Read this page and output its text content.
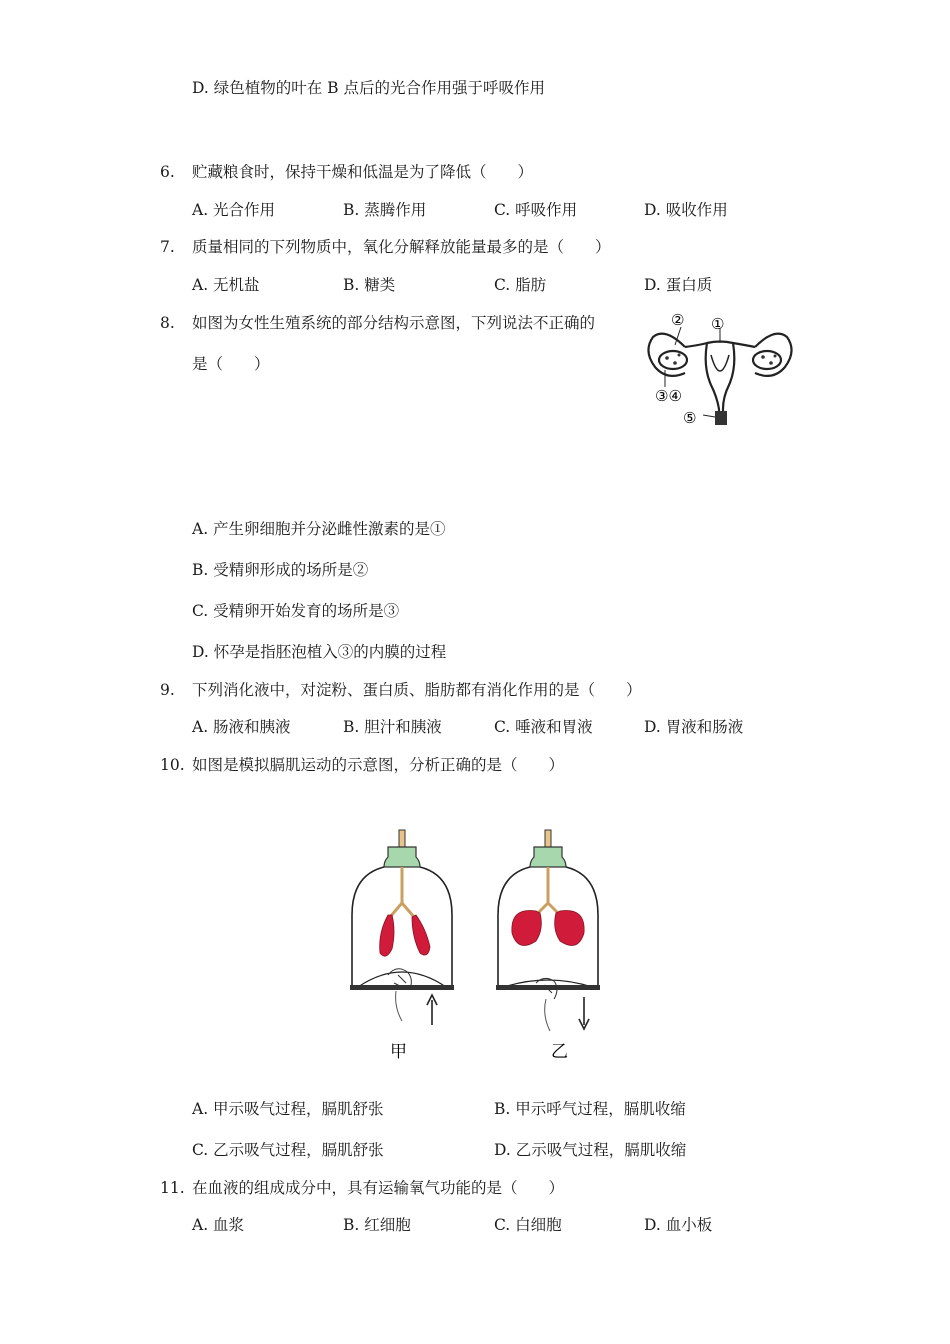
D. 绿色植物的叶在 B 点后的光合作用强于呼吸作用
6. 贮藏粮食时，保持干燥和低温是为了降低（　　）
A. 光合作用	B. 蒸腾作用	C. 呼吸作用	D. 吸收作用
7. 质量相同的下列物质中，氧化分解释放能量最多的是（　　）
A. 无机盐	B. 糖类	C. 脂肪	D. 蛋白质
8. 如图为女性生殖系统的部分结构示意图，下列说法不正确的
是（　　）
①
②
③④
⑤
A. 产生卵细胞并分泌雌性激素的是①
B. 受精卵形成的场所是②
C. 受精卵开始发育的场所是③
D. 怀孕是指胚泡植入③的内膜的过程
9. 下列消化液中，对淀粉、蛋白质、脂肪都有消化作用的是（　　）
A. 肠液和胰液	B. 胆汁和胰液	C. 唾液和胃液	D. 胃液和肠液
10. 如图是模拟膈肌运动的示意图，分析正确的是（　　）
甲	乙
A. 甲示吸气过程，膈肌舒张	B. 甲示呼气过程，膈肌收缩
C. 乙示吸气过程，膈肌舒张	D. 乙示吸气过程，膈肌收缩
11. 在血液的组成成分中，具有运输氧气功能的是（　　）
A. 血浆	B. 红细胞	C. 白细胞	D. 血小板
